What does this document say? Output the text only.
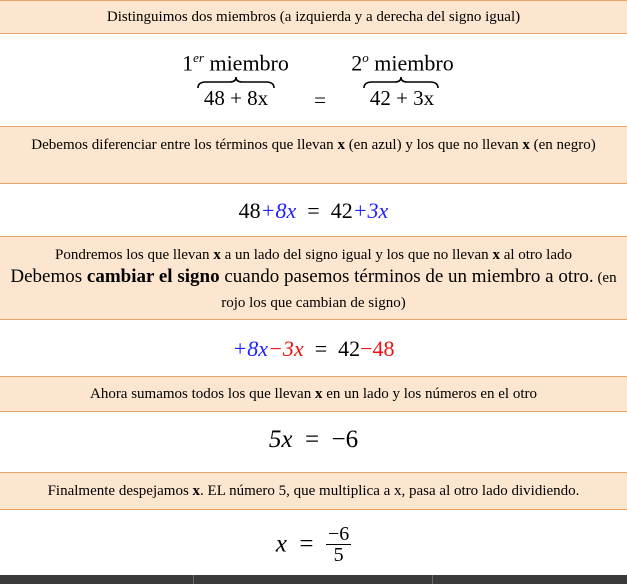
Distinguimos dos miembros (a izquierda y a derecha del signo igual)
1er miembro	2$^o$ miembro
48 + 8x	=	42 + 3x
Debemos diferenciar entre los términos que llevan x (en azul) y los que no llevan x (en negro)
48+8x = 42+3x
Pondremos los que llevan x a un lado del signo igual y los que no llevan x al otro lado
Debemos cambiar el signo cuando pasemos términos de un miembro a otro. (en rojo los que cambian de signo)
+8x−3x = 42−48
Ahora sumamos todos los que llevan x en un lado y los números en el otro
5x = −6
Finalmente despejamos x. EL número 5, que multiplica a x, pasa al otro lado dividiendo.
$x = \frac{-6}{5}$
